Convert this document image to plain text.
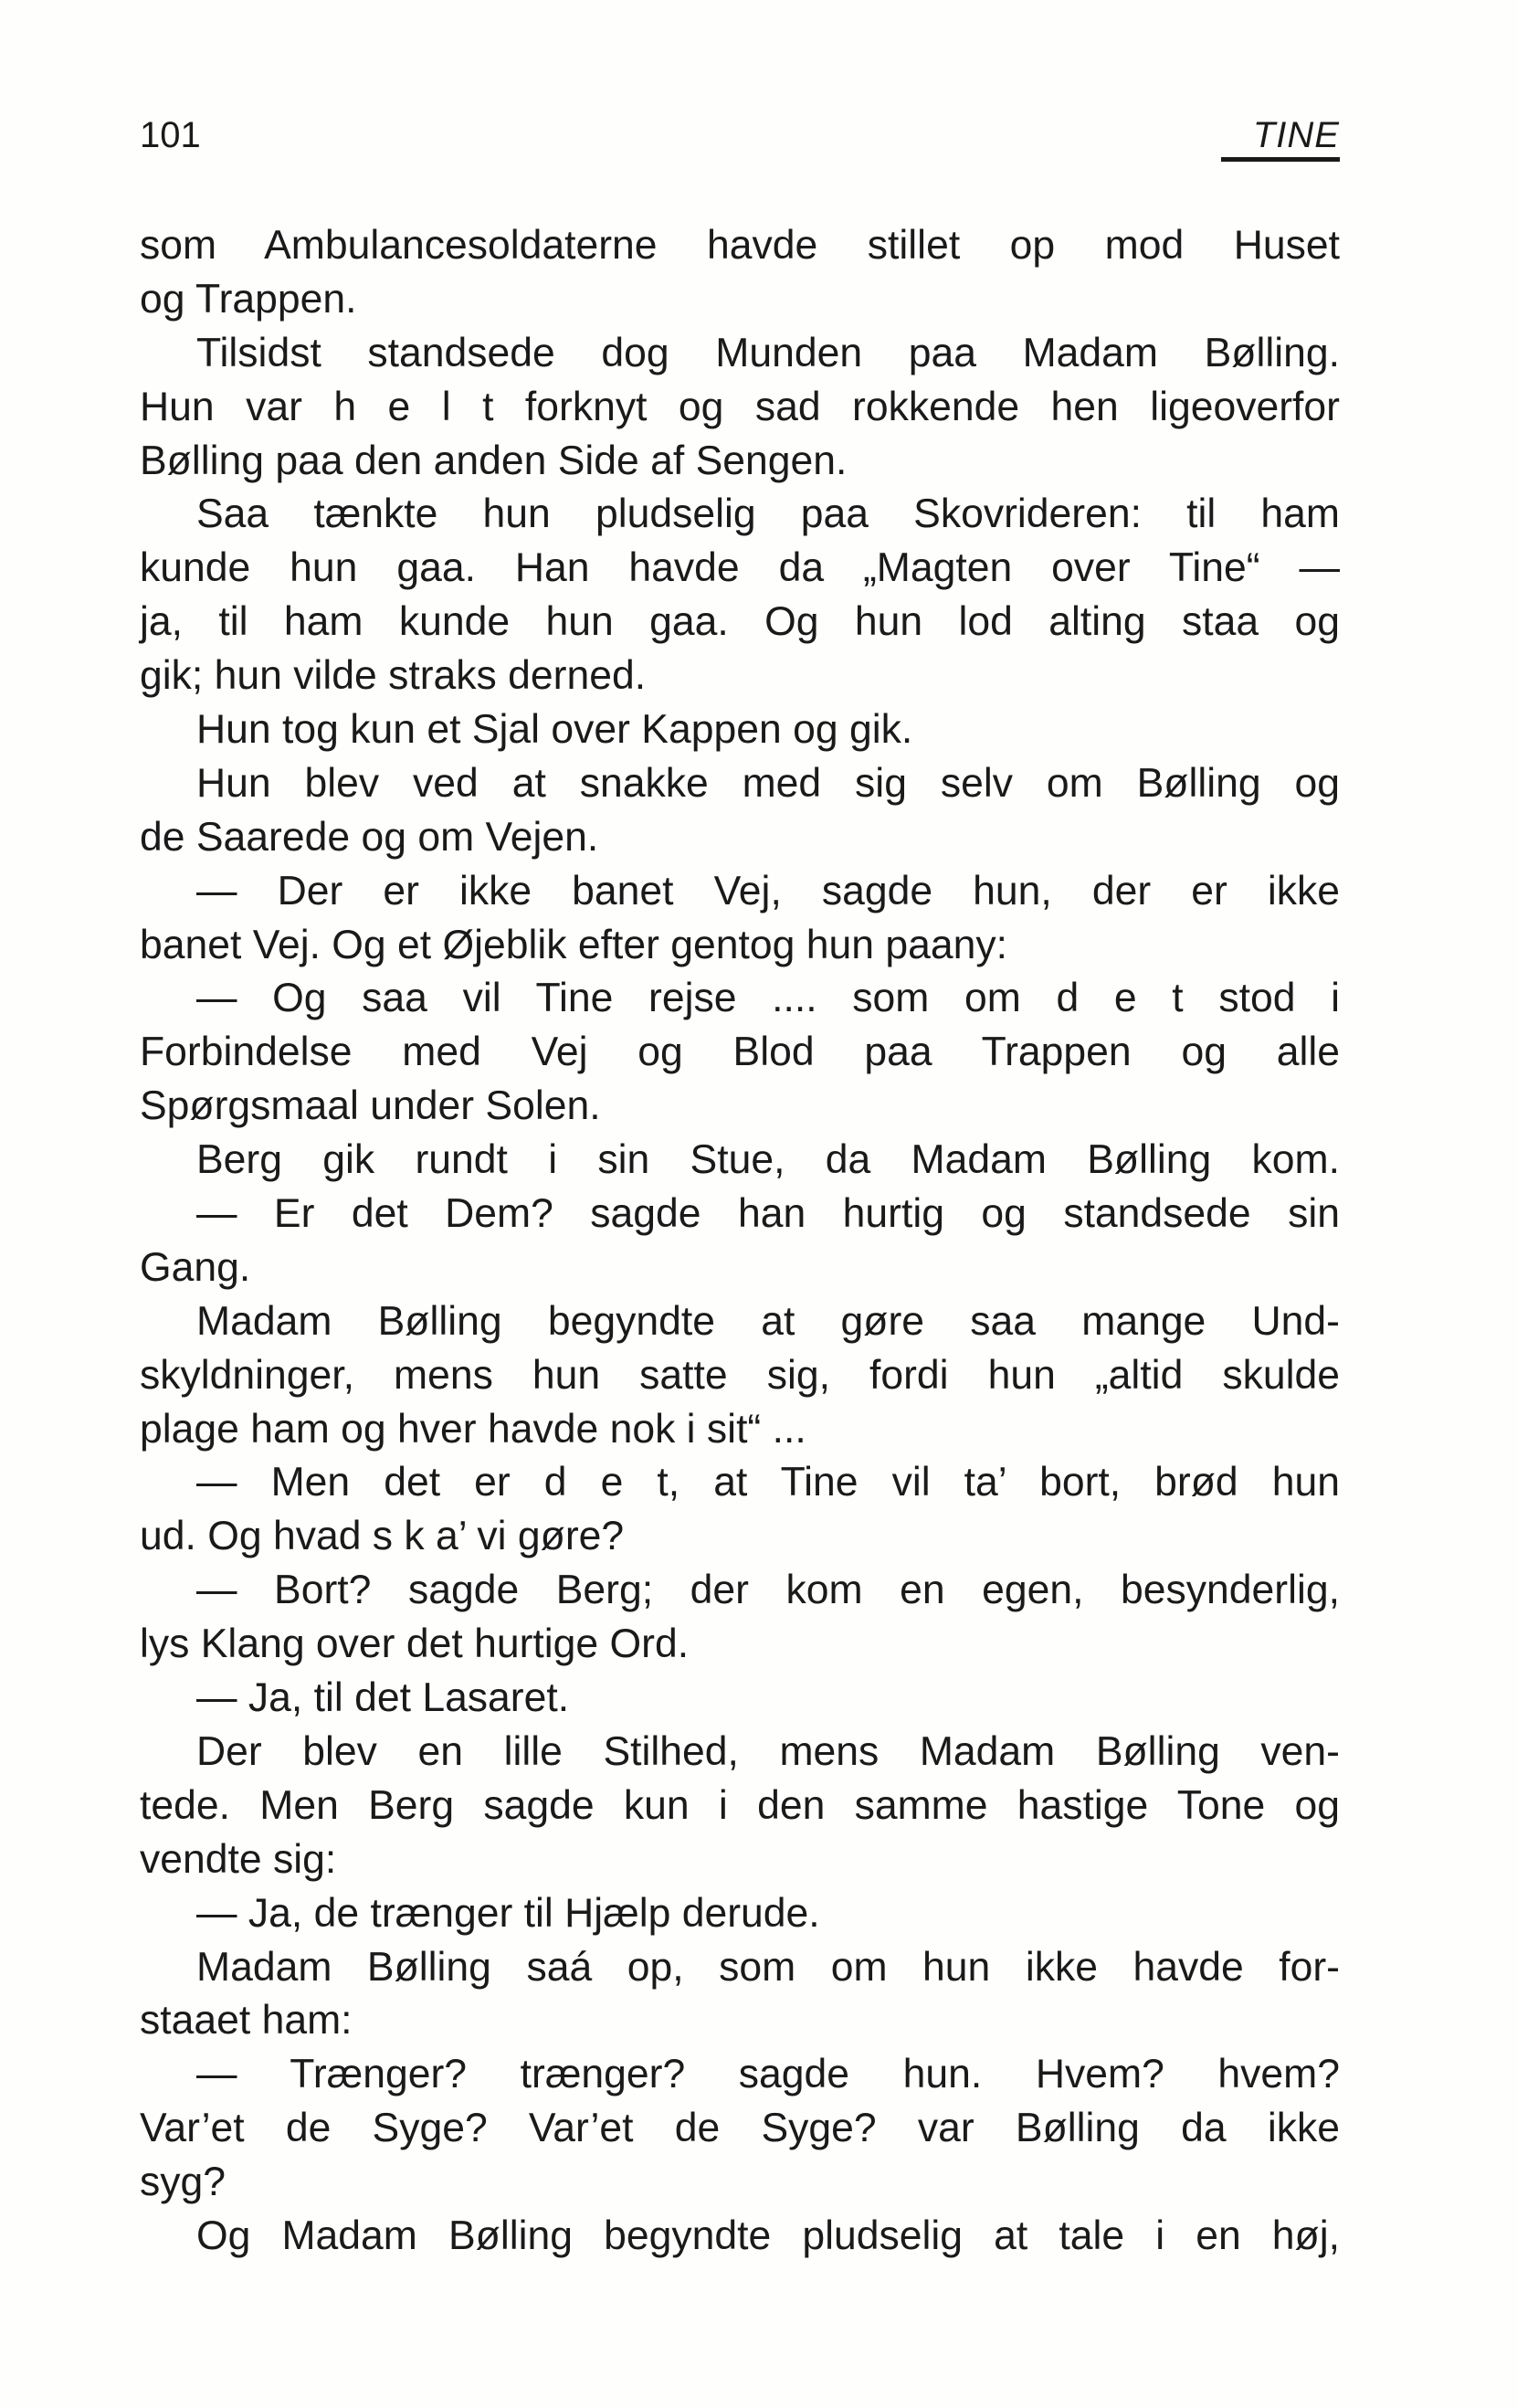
101	TINE
som Ambulancesoldaterne havde stillet op mod Huset
og Trappen.
Tilsidst standsede dog Munden paa Madam Bølling.
Hun var h e l t forknyt og sad rokkende hen ligeoverfor
Bølling paa den anden Side af Sengen.
Saa tænkte hun pludselig paa Skovrideren: til ham
kunde hun gaa. Han havde da „Magten over Tine“ —
ja, til ham kunde hun gaa. Og hun lod alting staa og
gik; hun vilde straks derned.
Hun tog kun et Sjal over Kappen og gik.
Hun blev ved at snakke med sig selv om Bølling og
de Saarede og om Vejen.
— Der er ikke banet Vej, sagde hun, der er ikke
banet Vej. Og et Øjeblik efter gentog hun paany:
— Og saa vil Tine rejse .... som om d e t stod i
Forbindelse med Vej og Blod paa Trappen og alle
Spørgsmaal under Solen.
Berg gik rundt i sin Stue, da Madam Bølling kom.
— Er det Dem? sagde han hurtig og standsede sin
Gang.
Madam Bølling begyndte at gøre saa mange Und-
skyldninger, mens hun satte sig, fordi hun „altid skulde
plage ham og hver havde nok i sit“ ...
— Men det er d e t, at Tine vil ta’ bort, brød hun
ud. Og hvad s k a’ vi gøre?
— Bort? sagde Berg; der kom en egen, besynderlig,
lys Klang over det hurtige Ord.
— Ja, til det Lasaret.
Der blev en lille Stilhed, mens Madam Bølling ven-
tede. Men Berg sagde kun i den samme hastige Tone og
vendte sig:
— Ja, de trænger til Hjælp derude.
Madam Bølling saá op, som om hun ikke havde for-
staaet ham:
— Trænger? trænger? sagde hun. Hvem? hvem?
Var’et de Syge? Var’et de Syge? var Bølling da ikke
syg?
Og Madam Bølling begyndte pludselig at tale i en høj,
